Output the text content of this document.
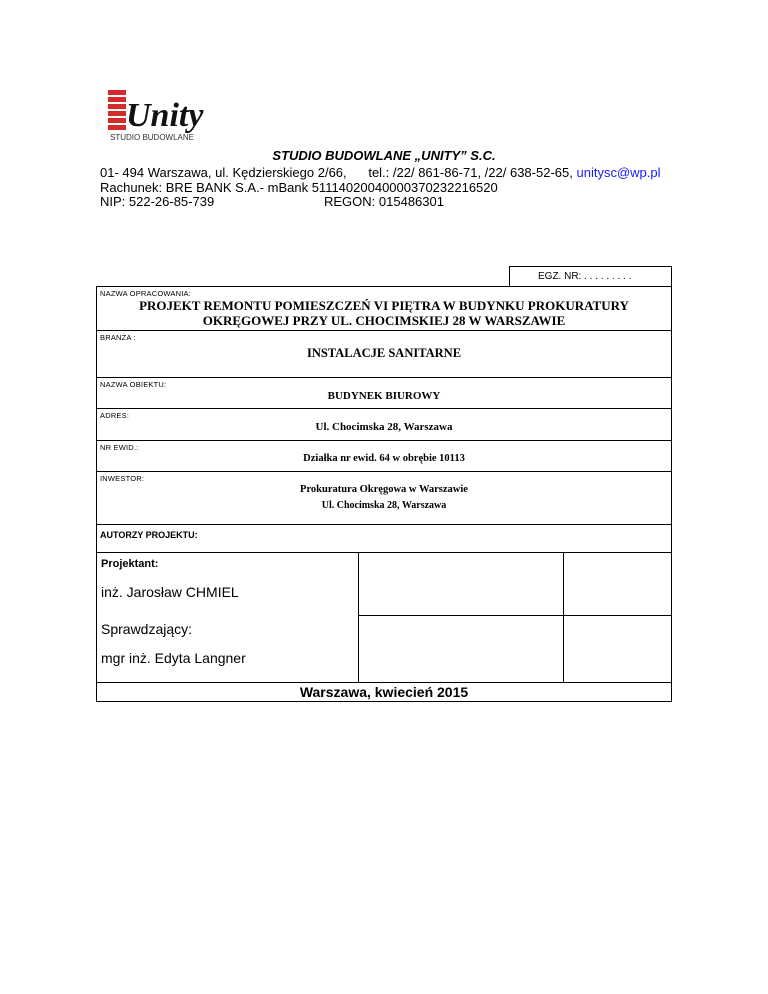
Unity
STUDIO BUDOWLANE
STUDIO BUDOWLANE „UNITY” S.C.
01- 494 Warszawa, ul. Kędzierskiego 2/66, tel.: /22/ 861-86-71, /22/ 638-52-65, unitysc@wp.pl
Rachunek: BRE BANK S.A.- mBank 51114020040000370232216520
NIP: 522-26-85-739	REGON: 015486301
EGZ. NR: . . . . . . . . .
NAZWA OPRACOWANIA:
PROJEKT REMONTU POMIESZCZEŃ VI PIĘTRA W BUDYNKU PROKURATURY
OKRĘGOWEJ PRZY UL. CHOCIMSKIEJ 28 W WARSZAWIE
BRANŻA :
INSTALACJE SANITARNE
NAZWA OBIEKTU:
BUDYNEK BIUROWY
ADRES:
Ul. Chocimska 28, Warszawa
NR EWID.:
Działka nr ewid. 64 w obrębie 10113
INWESTOR:
Prokuratura Okręgowa w Warszawie
Ul. Chocimska 28, Warszawa
AUTORZY PROJEKTU:
Projektant:
inż. Jarosław CHMIEL
Sprawdzający:
mgr inż. Edyta Langner
Warszawa, kwiecień 2015
